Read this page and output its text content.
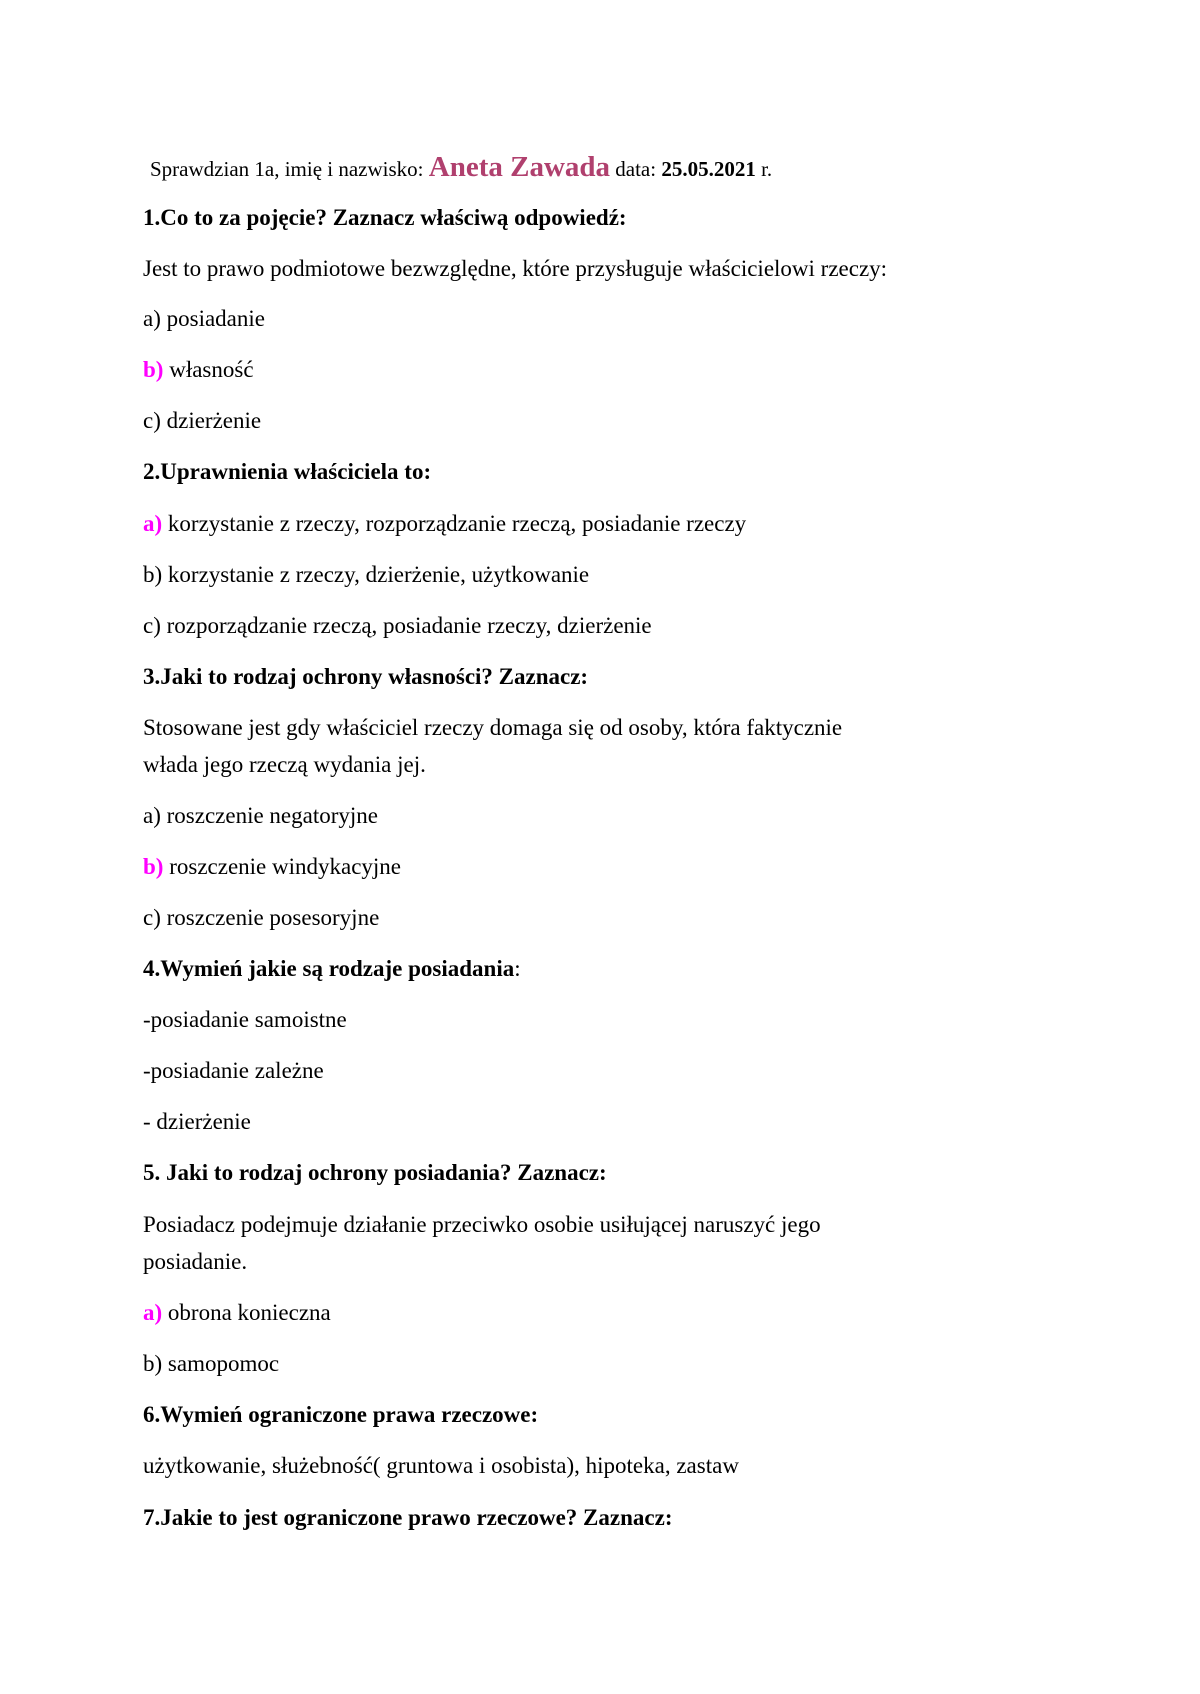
Sprawdzian 1a, imię i nazwisko: Aneta Zawada data: 25.05.2021 r.
1.Co to za pojęcie? Zaznacz właściwą odpowiedź:
Jest to prawo podmiotowe bezwzględne, które przysługuje właścicielowi rzeczy:
a) posiadanie
b) własność
c) dzierżenie
2.Uprawnienia właściciela to:
a) korzystanie z rzeczy, rozporządzanie rzeczą, posiadanie rzeczy
b) korzystanie z rzeczy, dzierżenie, użytkowanie
c) rozporządzanie rzeczą, posiadanie rzeczy, dzierżenie
3.Jaki to rodzaj ochrony własności? Zaznacz:
Stosowane jest gdy właściciel rzeczy domaga się od osoby, która faktycznie
włada jego rzeczą wydania jej.
a) roszczenie negatoryjne
b) roszczenie windykacyjne
c) roszczenie posesoryjne
4.Wymień jakie są rodzaje posiadania:
-posiadanie samoistne
-posiadanie zależne
- dzierżenie
5. Jaki to rodzaj ochrony posiadania? Zaznacz:
Posiadacz podejmuje działanie przeciwko osobie usiłującej naruszyć jego
posiadanie.
a) obrona konieczna
b) samopomoc
6.Wymień ograniczone prawa rzeczowe:
użytkowanie, służebność( gruntowa i osobista), hipoteka, zastaw
7.Jakie to jest ograniczone prawo rzeczowe? Zaznacz:
